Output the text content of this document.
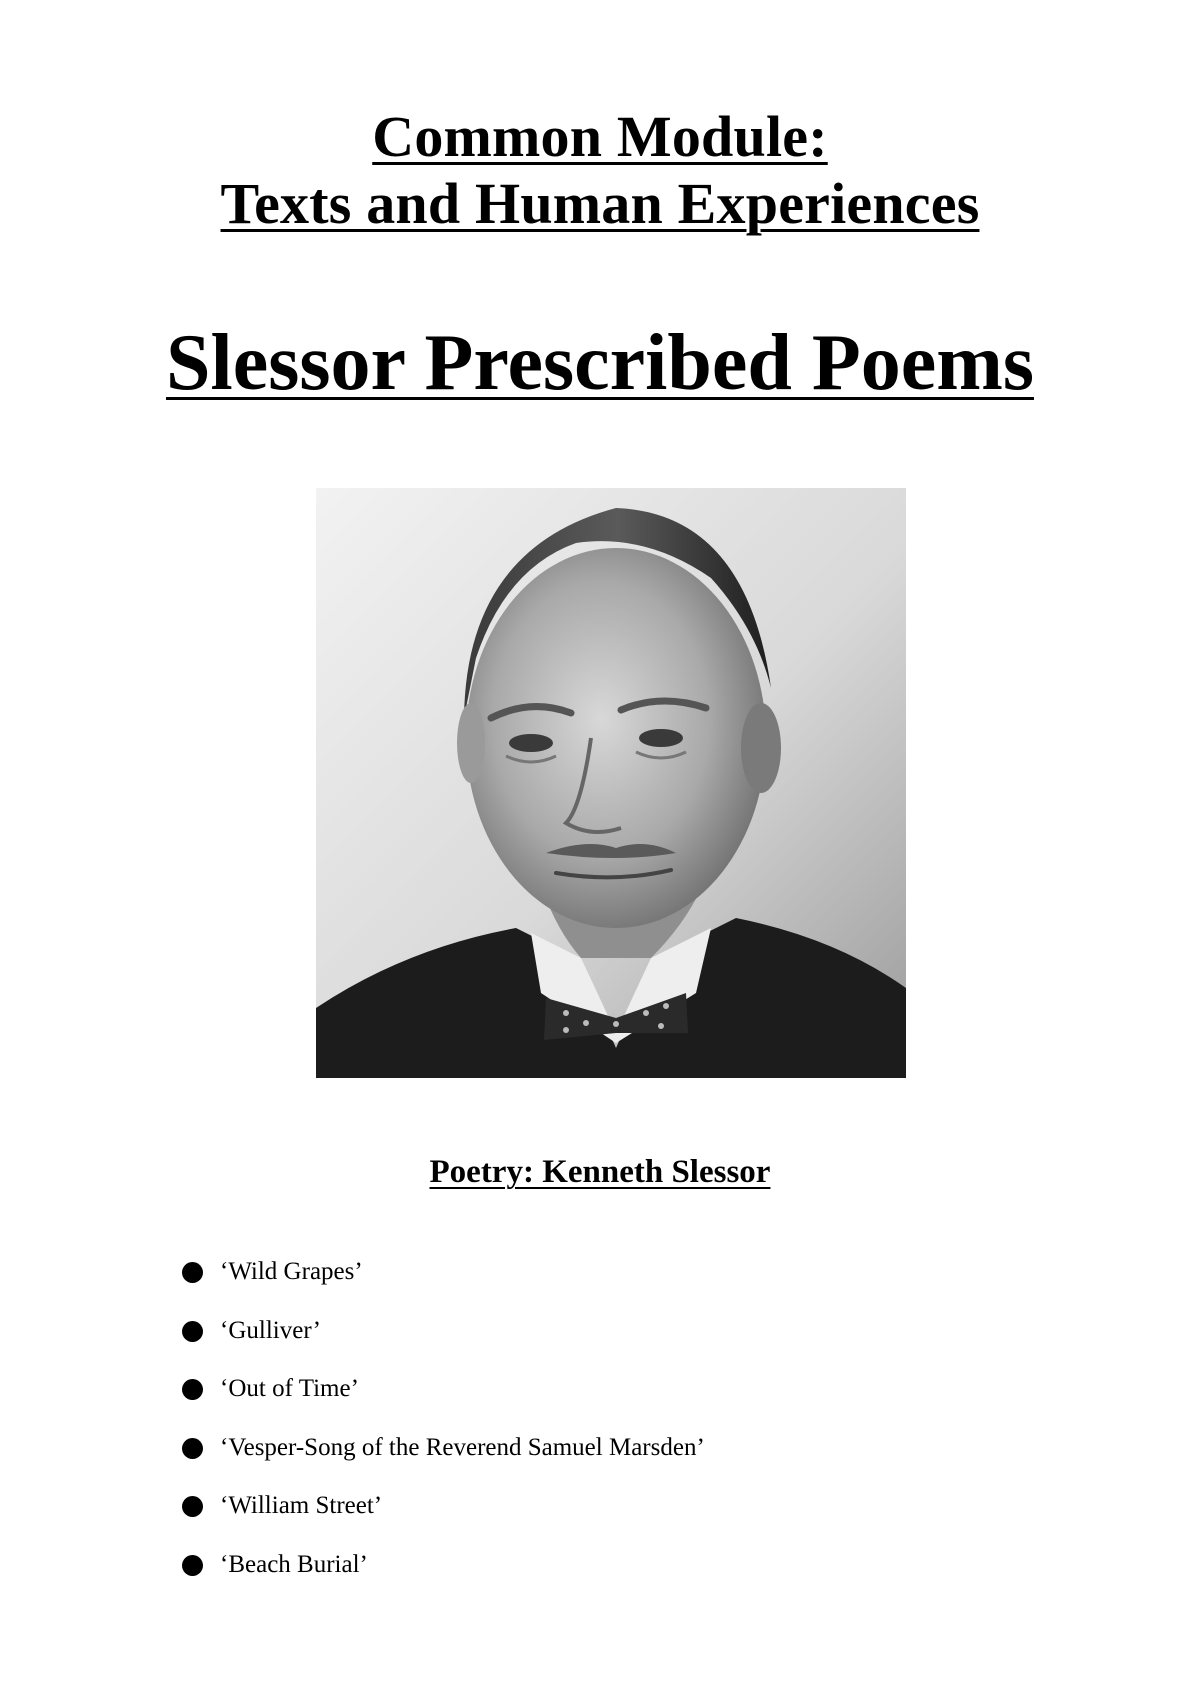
Common Module:
Texts and Human Experiences
Slessor Prescribed Poems
Poetry: Kenneth Slessor
‘Wild Grapes’
‘Gulliver’
‘Out of Time’
‘Vesper-Song of the Reverend Samuel Marsden’
‘William Street’
‘Beach Burial’
